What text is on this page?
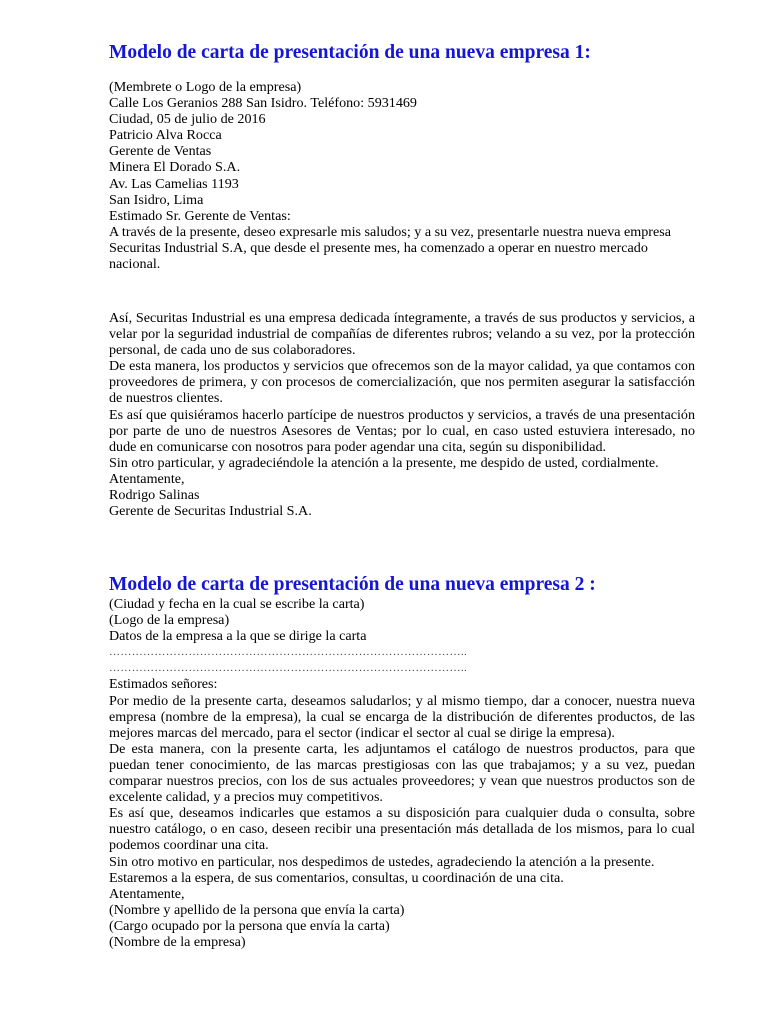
Modelo de carta de presentación de una nueva empresa 1:
(Membrete o Logo de la empresa)
Calle Los Geranios 288 San Isidro. Teléfono: 5931469
Ciudad, 05 de julio de 2016
Patricio Alva Rocca
Gerente de Ventas
Minera El Dorado S.A.
Av. Las Camelias 1193
San Isidro, Lima
Estimado Sr. Gerente de Ventas:
A través de la presente, deseo expresarle mis saludos; y a su vez, presentarle nuestra nueva empresa Securitas Industrial S.A, que desde el presente mes, ha comenzado a operar en nuestro mercado nacional.
Así, Securitas Industrial es una empresa dedicada íntegramente, a través de sus productos y servicios, a velar por la seguridad industrial de compañías de diferentes rubros; velando a su vez, por la protección personal, de cada uno de sus colaboradores.
De esta manera, los productos y servicios que ofrecemos son de la mayor calidad, ya que contamos con proveedores de primera, y con procesos de comercialización, que nos permiten asegurar la satisfacción de nuestros clientes.
Es así que quisiéramos hacerlo partícipe de nuestros productos y servicios, a través de una presentación por parte de uno de nuestros Asesores de Ventas; por lo cual, en caso usted estuviera interesado, no dude en comunicarse con nosotros para poder agendar una cita, según su disponibilidad.
Sin otro particular, y agradeciéndole la atención a la presente, me despido de usted, cordialmente.
Atentamente,
Rodrigo Salinas
Gerente de Securitas Industrial S.A.
Modelo de carta de presentación de una nueva empresa 2 :
(Ciudad y fecha en la cual se escribe la carta)
(Logo de la empresa)
Datos de la empresa a la que se dirige la carta
…………………………………………………………………………………..
…………………………………………………………………………………..
Estimados señores:
Por medio de la presente carta, deseamos saludarlos; y al mismo tiempo, dar a conocer, nuestra nueva empresa (nombre de la empresa), la cual se encarga de la distribución de diferentes productos, de las mejores marcas del mercado, para el sector (indicar el sector al cual se dirige la empresa).
De esta manera, con la presente carta, les adjuntamos el catálogo de nuestros productos, para que puedan tener conocimiento, de las marcas prestigiosas con las que trabajamos; y a su vez, puedan comparar nuestros precios, con los de sus actuales proveedores; y vean que nuestros productos son de excelente calidad, y a precios muy competitivos.
Es así que, deseamos indicarles que estamos a su disposición para cualquier duda o consulta, sobre nuestro catálogo, o en caso, deseen recibir una presentación más detallada de los mismos, para lo cual podemos coordinar una cita.
Sin otro motivo en particular, nos despedimos de ustedes, agradeciendo la atención a la presente.
Estaremos a la espera, de sus comentarios, consultas, u coordinación de una cita.
Atentamente,
(Nombre y apellido de la persona que envía la carta)
(Cargo ocupado por la persona que envía la carta)
(Nombre de la empresa)
